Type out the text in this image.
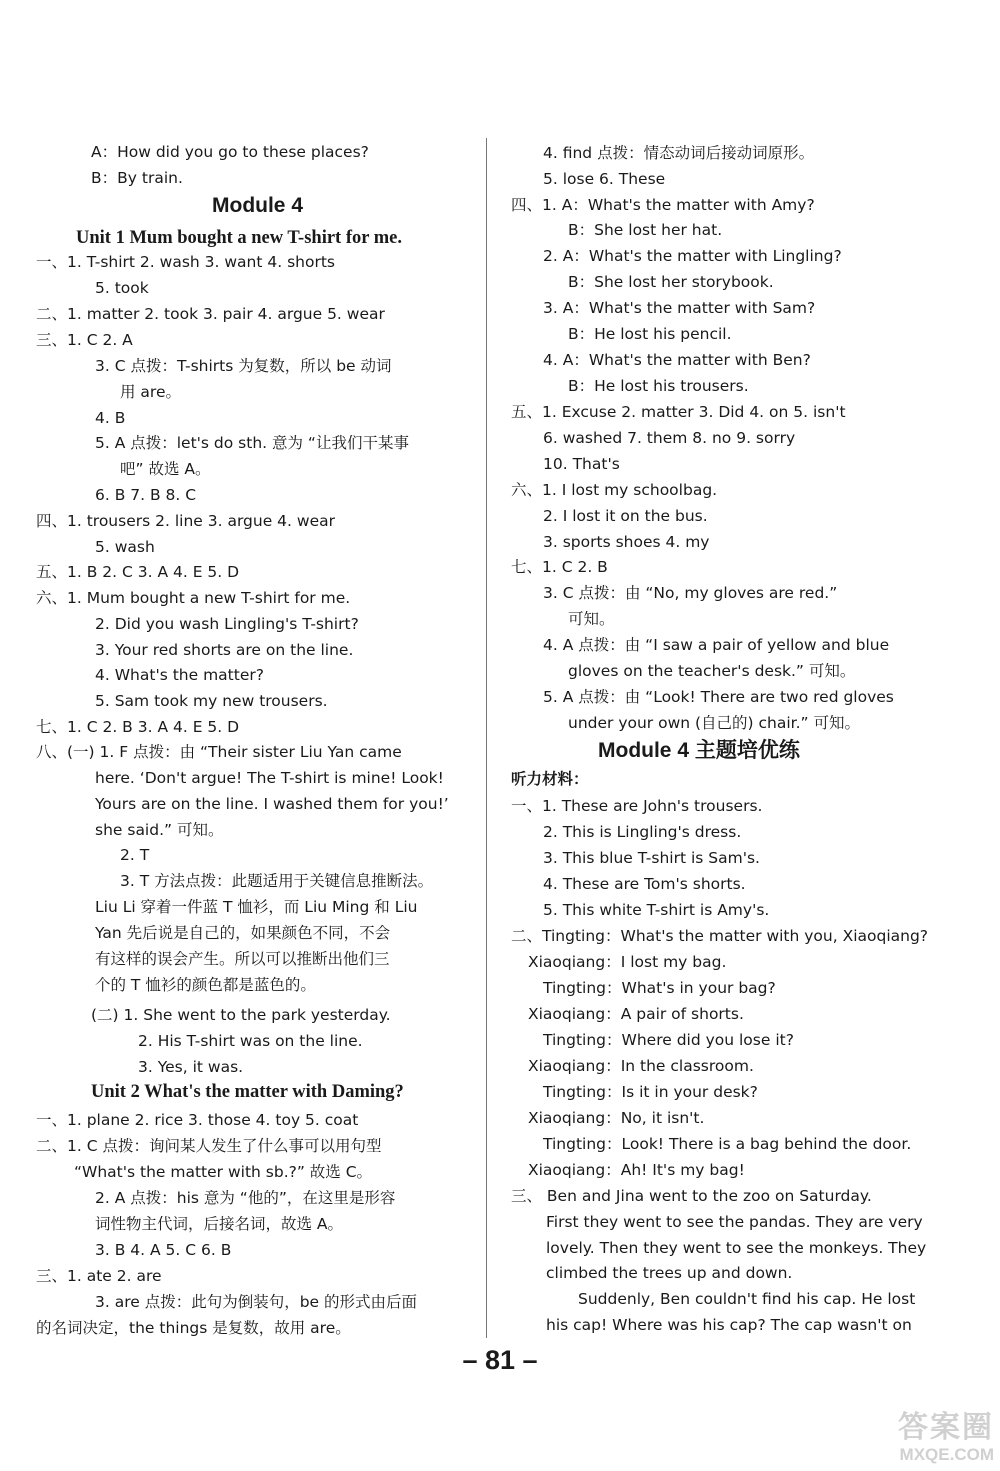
A：How did you go to these places?
B：By train.
Module 4
Unit 1 Mum bought a new T-shirt for me.
一、1. T-shirt 2. wash 3. want 4. shorts
5. took
二、1. matter 2. took 3. pair 4. argue 5. wear
三、1. C 2. A
3. C 点拨：T-shirts 为复数，所以 be 动词
用 are。
4. B
5. A 点拨：let's do sth. 意为 “让我们干某事
吧” 故选 A。
6. B 7. B 8. C
四、1. trousers 2. line 3. argue 4. wear
5. wash
五、1. B 2. C 3. A 4. E 5. D
六、1. Mum bought a new T-shirt for me.
2. Did you wash Lingling's T-shirt?
3. Your red shorts are on the line.
4. What's the matter?
5. Sam took my new trousers.
七、1. C 2. B 3. A 4. E 5. D
八、(一) 1. F 点拨：由 “Their sister Liu Yan came
here. ‘Don't argue! The T-shirt is mine! Look!
Yours are on the line. I washed them for you!’
she said.” 可知。
2. T
3. T 方法点拨：此题适用于关键信息推断法。
Liu Li 穿着一件蓝 T 恤衫，而 Liu Ming 和 Liu
Yan 先后说是自己的，如果颜色不同，不会
有这样的误会产生。所以可以推断出他们三
个的 T 恤衫的颜色都是蓝色的。
(二) 1. She went to the park yesterday.
2. His T-shirt was on the line.
3. Yes, it was.
Unit 2 What's the matter with Daming?
一、1. plane 2. rice 3. those 4. toy 5. coat
二、1. C 点拨：询问某人发生了什么事可以用句型
“What's the matter with sb.?” 故选 C。
2. A 点拨：his 意为 “他的”，在这里是形容
词性物主代词，后接名词，故选 A。
3. B 4. A 5. C 6. B
三、1. ate 2. are
3. are 点拨：此句为倒装句，be 的形式由后面
的名词决定，the things 是复数，故用 are。
4. find 点拨：情态动词后接动词原形。
5. lose 6. These
四、1. A：What's the matter with Amy?
B：She lost her hat.
2. A：What's the matter with Lingling?
B：She lost her storybook.
3. A：What's the matter with Sam?
B：He lost his pencil.
4. A：What's the matter with Ben?
B：He lost his trousers.
五、1. Excuse 2. matter 3. Did 4. on 5. isn't
6. washed 7. them 8. no 9. sorry
10. That's
六、1. I lost my schoolbag.
2. I lost it on the bus.
3. sports shoes 4. my
七、1. C 2. B
3. C 点拨：由 “No, my gloves are red.”
可知。
4. A 点拨：由 “I saw a pair of yellow and blue
gloves on the teacher's desk.” 可知。
5. A 点拨：由 “Look! There are two red gloves
under your own (自己的) chair.” 可知。
Module 4 主题培优练
听力材料：
一、1. These are John's trousers.
2. This is Lingling's dress.
3. This blue T-shirt is Sam's.
4. These are Tom's shorts.
5. This white T-shirt is Amy's.
二、Tingting：What's the matter with you, Xiaoqiang?
Xiaoqiang：I lost my bag.
Tingting：What's in your bag?
Xiaoqiang：A pair of shorts.
Tingting：Where did you lose it?
Xiaoqiang：In the classroom.
Tingting：Is it in your desk?
Xiaoqiang：No, it isn't.
Tingting：Look! There is a bag behind the door.
Xiaoqiang：Ah! It's my bag!
三、 Ben and Jina went to the zoo on Saturday.
First they went to see the pandas. They are very
lovely. Then they went to see the monkeys. They
climbed the trees up and down.
Suddenly, Ben couldn't find his cap. He lost
his cap! Where was his cap? The cap wasn't on
– 81 –
答案圈
MXQE.COM
